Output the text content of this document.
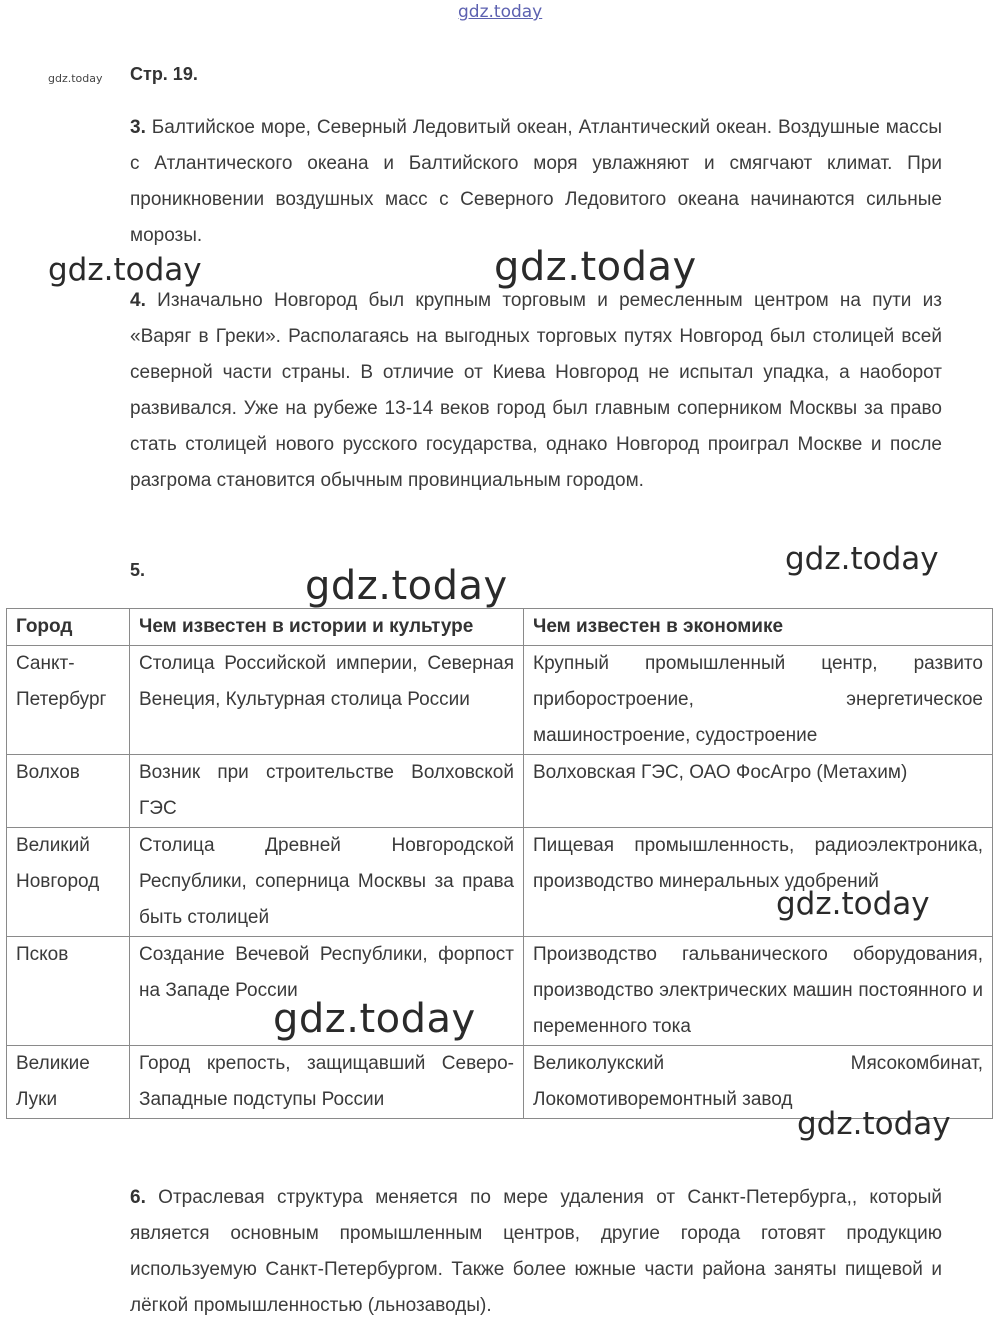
gdz.today
gdz.today Стр. 19.
3. Балтийское море, Северный Ледовитый океан, Атлантический океан. Воздушные массы с Атлантического океана и Балтийского моря увлажняют и смягчают климат. При проникновении воздушных масс с Северного Ледовитого океана начинаются сильные морозы.
4. Изначально Новгород был крупным торговым и ремесленным центром на пути из «Варяг в Греки». Располагаясь на выгодных торговых путях Новгород был столицей всей северной части страны. В отличие от Киева Новгород не испытал упадка, а наоборот развивался. Уже на рубеже 13-14 веков город был главным соперником Москвы за право стать столицей нового русского государства, однако Новгород проиграл Москве и после разгрома становится обычным провинциальным городом.
5.
Город	Чем известен в истории и культуре	Чем известен в экономике
Санкт-Петербург	Столица Российской империи, Северная Венеция, Культурная столица России	Крупный промышленный центр, развито приборостроение, энергетическое машиностроение, судостроение
Волхов	Возник при строительстве Волховской ГЭС	Волховская ГЭС, ОАО ФосАгро (Метахим)
Великий Новгород	Столица Древней Новгородской Республики, соперница Москвы за права быть столицей	Пищевая промышленность, радиоэлектроника, производство минеральных удобрений
Псков	Создание Вечевой Республики, форпост на Западе России	Производство гальванического оборудования, производство электрических машин постоянного и переменного тока
Великие Луки	Город крепость, защищавший Северо-Западные подступы России	Великолукский Мясокомбинат, Локомотиворемонтный завод
6. Отраслевая структура меняется по мере удаления от Санкт-Петербурга,, который является основным промышленным центров, другие города готовят продукцию используемую Санкт-Петербургом. Также более южные части района заняты пищевой и лёгкой промышленностью (льнозаводы).
gdz.today	gdz.today
gdz.today
gdz.today
gdz.today
gdz.today
gdz.today
